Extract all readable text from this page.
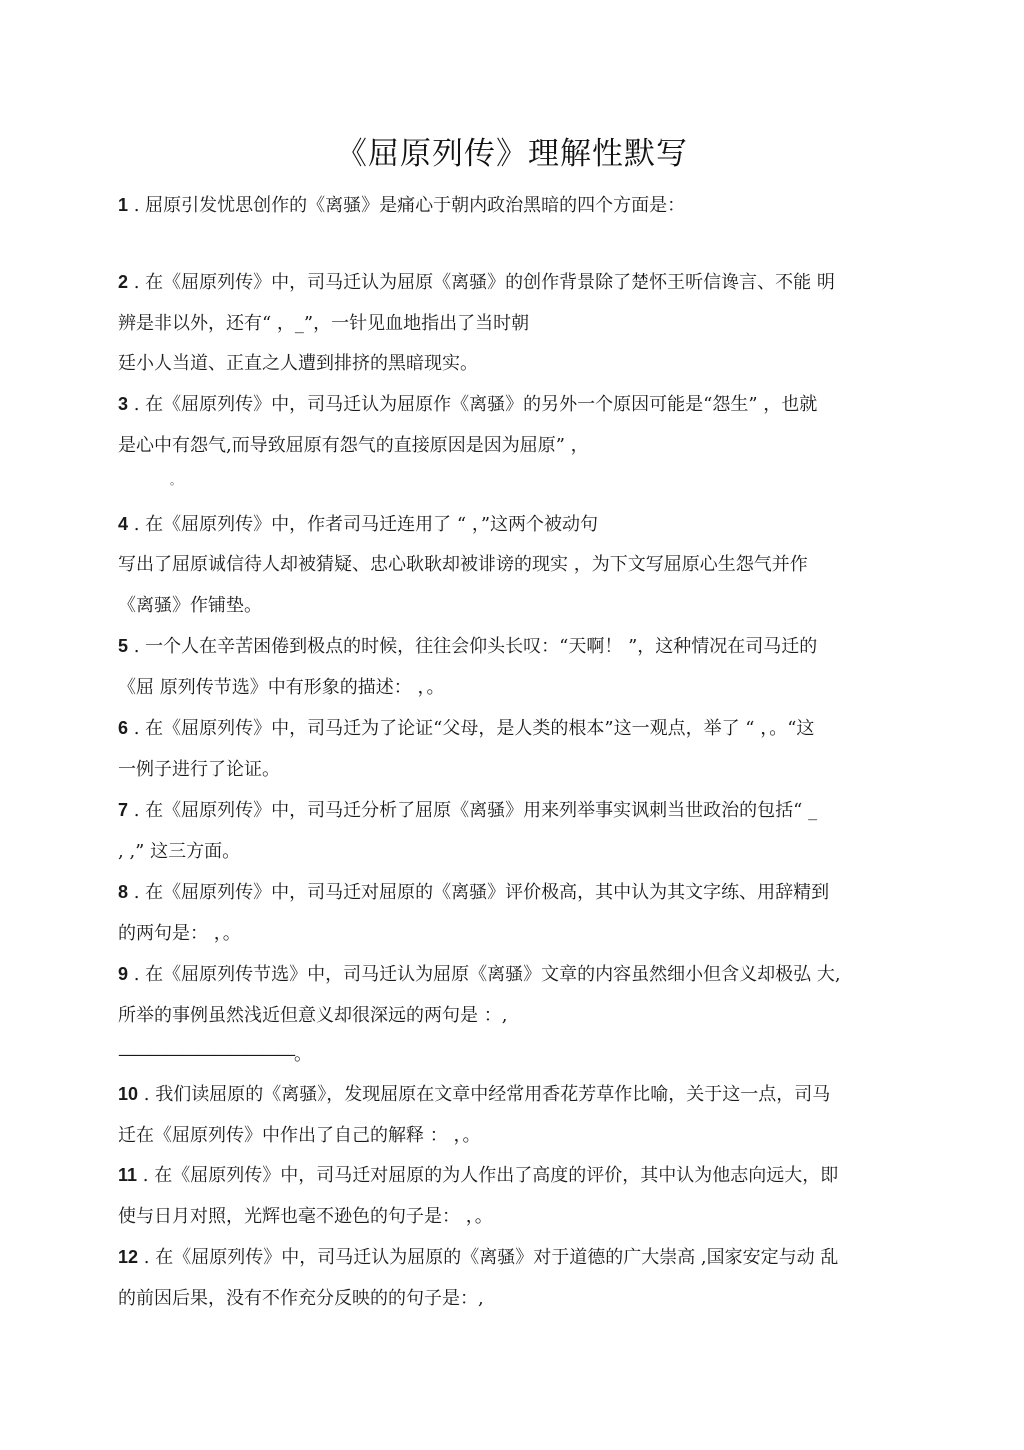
《屈原列传》理解性默写
1 . 屈原引发忧思创作的《离骚》是痛心于朝内政治黑暗的四个方面是：
2 . 在《屈原列传》中，司马迁认为屈原《离骚》的创作背景除了楚怀王听信谗言、不能 明
辨是非以外，还有“ ，_”，一针见血地指出了当时朝
廷小人当道、正直之人遭到排挤的黑暗现实。
3 . 在《屈原列传》中，司马迁认为屈原作《离骚》的另外一个原因可能是“怨生” ，也就
是心中有怨气,而导致屈原有怨气的直接原因是因为屈原” ，
。
4 . 在《屈原列传》中，作者司马迁连用了 “ ，”这两个被动句
写出了屈原诚信待人却被猜疑、忠心耿耿却被诽谤的现实 ，为下文写屈原心生怨气并作
《离骚》作铺垫。
5 . 一个人在辛苦困倦到极点的时候，往往会仰头长叹：“天啊！ ”，这种情况在司马迁的
《屈 原列传节选》中有形象的描述： ，。
6 . 在《屈原列传》中，司马迁为了论证“父母，是人类的根本”这一观点，举了 “ ，。“这
一例子进行了论证。
7 . 在《屈原列传》中，司马迁分析了屈原《离骚》用来列举事实讽刺当世政治的包括“ _
, ,” 这三方面。
8 . 在《屈原列传》中，司马迁对屈原的《离骚》评价极高，其中认为其文字练、用辞精到
的两句是： ，。
9 . 在《屈原列传节选》中，司马迁认为屈原《离骚》文章的内容虽然细小但含义却极弘 大,
所举的事例虽然浅近但意义却很深远的两句是 ：,
———————————。
10 . 我们读屈原的《离骚》，发现屈原在文章中经常用香花芳草作比喻，关于这一点，司马
迁在《屈原列传》中作出了自己的解释 ： ，。
11 . 在《屈原列传》中，司马迁对屈原的为人作出了高度的评价，其中认为他志向远大，即
使与日月对照，光辉也毫不逊色的句子是： ，。
12 . 在《屈原列传》中，司马迁认为屈原的《离骚》对于道德的广大崇高 ,国家安定与动 乱
的前因后果，没有不作充分反映的的句子是：,
